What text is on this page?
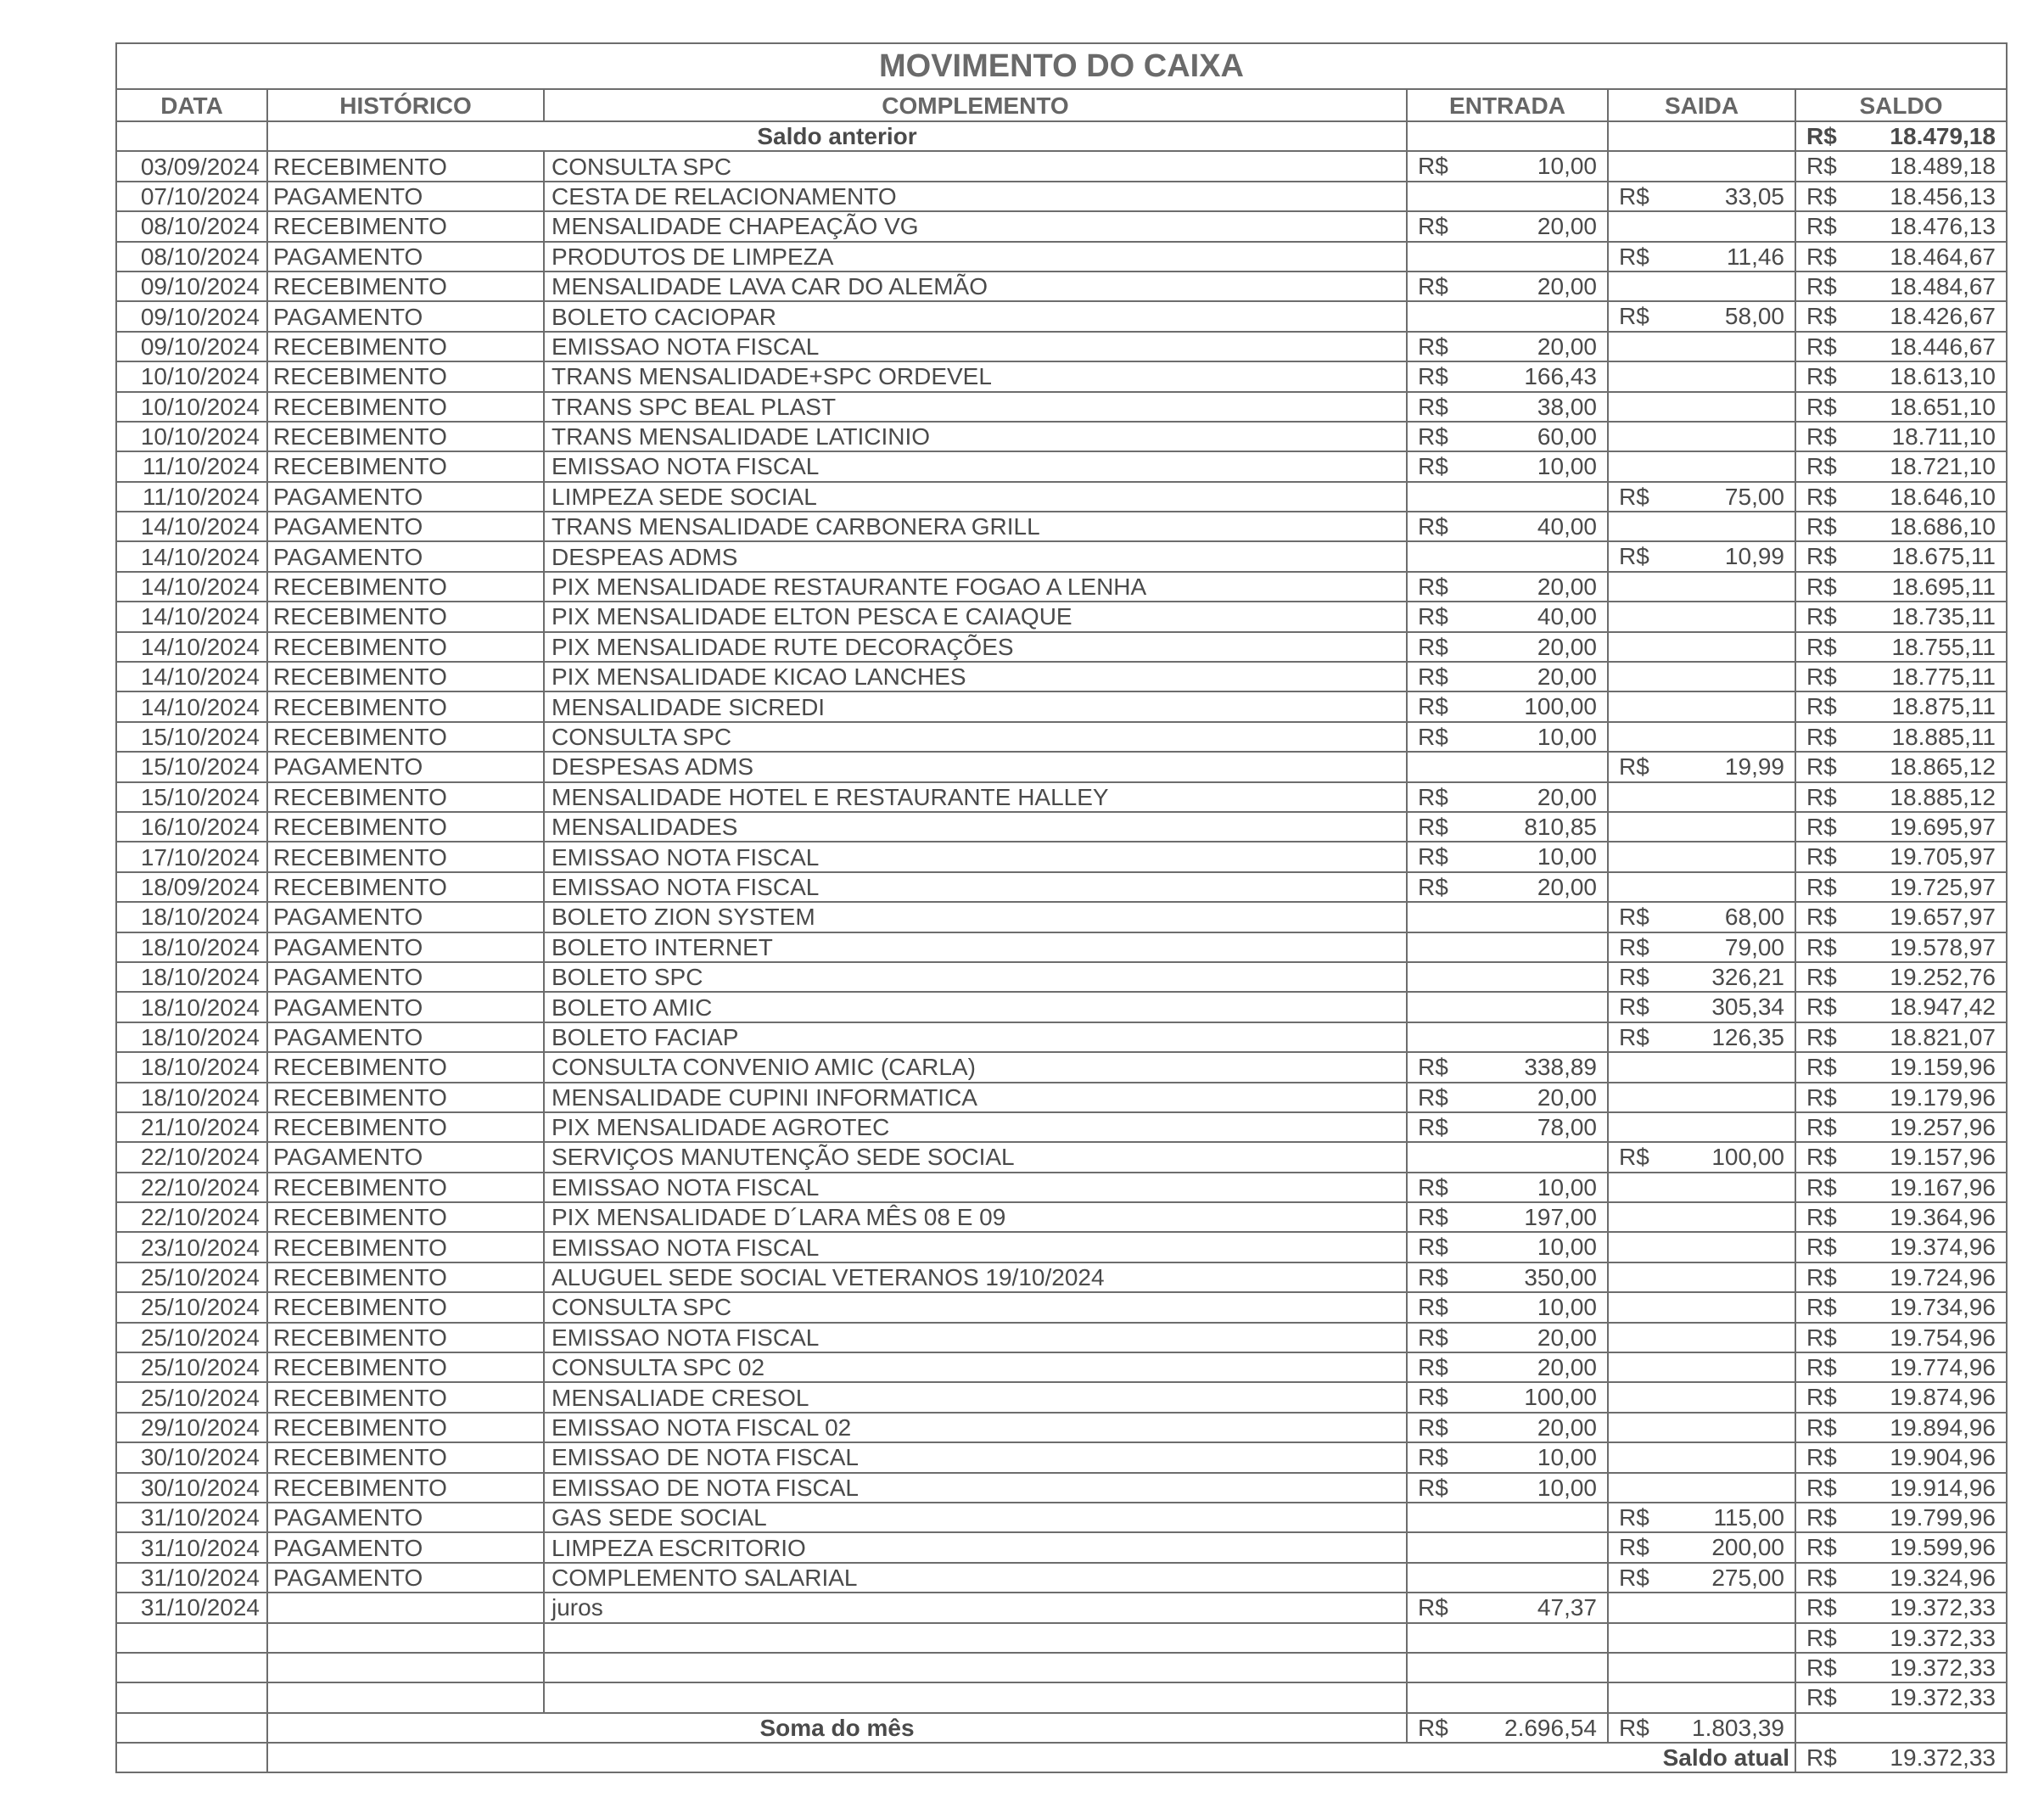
MOVIMENTO DO CAIXA					
DATA	HISTÓRICO	COMPLEMENTO	ENTRADA	SAIDA	SALDO
	Saldo anterior				R$ 18.479,18

03/09/2024	RECEBIMENTO	CONSULTA SPC	R$ 10,00		R$ 18.489,18

07/10/2024	PAGAMENTO	CESTA DE RELACIONAMENTO		R$ 33,05	R$ 18.456,13

08/10/2024	RECEBIMENTO	MENSALIDADE CHAPEAÇÃO VG	R$ 20,00		R$ 18.476,13

08/10/2024	PAGAMENTO	PRODUTOS DE LIMPEZA		R$ 11,46	R$ 18.464,67

09/10/2024	RECEBIMENTO	MENSALIDADE LAVA CAR DO ALEMÃO	R$ 20,00		R$ 18.484,67

09/10/2024	PAGAMENTO	BOLETO CACIOPAR		R$ 58,00	R$ 18.426,67

09/10/2024	RECEBIMENTO	EMISSAO NOTA FISCAL	R$ 20,00		R$ 18.446,67

10/10/2024	RECEBIMENTO	TRANS MENSALIDADE+SPC ORDEVEL	R$ 166,43		R$ 18.613,10

10/10/2024	RECEBIMENTO	TRANS SPC BEAL PLAST	R$ 38,00		R$ 18.651,10

10/10/2024	RECEBIMENTO	TRANS MENSALIDADE LATICINIO	R$ 60,00		R$ 18.711,10

11/10/2024	RECEBIMENTO	EMISSAO NOTA FISCAL	R$ 10,00		R$ 18.721,10

11/10/2024	PAGAMENTO	LIMPEZA SEDE SOCIAL		R$ 75,00	R$ 18.646,10

14/10/2024	PAGAMENTO	TRANS MENSALIDADE CARBONERA GRILL	R$ 40,00		R$ 18.686,10

14/10/2024	PAGAMENTO	DESPEAS ADMS		R$ 10,99	R$ 18.675,11

14/10/2024	RECEBIMENTO	PIX MENSALIDADE RESTAURANTE FOGAO A LENHA	R$ 20,00		R$ 18.695,11

14/10/2024	RECEBIMENTO	PIX MENSALIDADE ELTON PESCA E CAIAQUE	R$ 40,00		R$ 18.735,11

14/10/2024	RECEBIMENTO	PIX MENSALIDADE RUTE DECORAÇÕES	R$ 20,00		R$ 18.755,11

14/10/2024	RECEBIMENTO	PIX MENSALIDADE KICAO LANCHES	R$ 20,00		R$ 18.775,11

14/10/2024	RECEBIMENTO	MENSALIDADE SICREDI	R$ 100,00		R$ 18.875,11

15/10/2024	RECEBIMENTO	CONSULTA SPC	R$ 10,00		R$ 18.885,11

15/10/2024	PAGAMENTO	DESPESAS ADMS		R$ 19,99	R$ 18.865,12

15/10/2024	RECEBIMENTO	MENSALIDADE HOTEL E RESTAURANTE HALLEY	R$ 20,00		R$ 18.885,12

16/10/2024	RECEBIMENTO	MENSALIDADES	R$ 810,85		R$ 19.695,97

17/10/2024	RECEBIMENTO	EMISSAO NOTA FISCAL	R$ 10,00		R$ 19.705,97

18/09/2024	RECEBIMENTO	EMISSAO NOTA FISCAL	R$ 20,00		R$ 19.725,97

18/10/2024	PAGAMENTO	BOLETO ZION SYSTEM		R$ 68,00	R$ 19.657,97

18/10/2024	PAGAMENTO	BOLETO INTERNET		R$ 79,00	R$ 19.578,97

18/10/2024	PAGAMENTO	BOLETO SPC		R$ 326,21	R$ 19.252,76

18/10/2024	PAGAMENTO	BOLETO AMIC		R$ 305,34	R$ 18.947,42

18/10/2024	PAGAMENTO	BOLETO FACIAP		R$ 126,35	R$ 18.821,07

18/10/2024	RECEBIMENTO	CONSULTA CONVENIO AMIC (CARLA)	R$ 338,89		R$ 19.159,96

18/10/2024	RECEBIMENTO	MENSALIDADE CUPINI INFORMATICA	R$ 20,00		R$ 19.179,96

21/10/2024	RECEBIMENTO	PIX MENSALIDADE AGROTEC	R$ 78,00		R$ 19.257,96

22/10/2024	PAGAMENTO	SERVIÇOS MANUTENÇÃO SEDE SOCIAL		R$ 100,00	R$ 19.157,96

22/10/2024	RECEBIMENTO	EMISSAO NOTA FISCAL	R$ 10,00		R$ 19.167,96

22/10/2024	RECEBIMENTO	PIX MENSALIDADE D´LARA MÊS 08 E 09	R$ 197,00		R$ 19.364,96

23/10/2024	RECEBIMENTO	EMISSAO NOTA FISCAL	R$ 10,00		R$ 19.374,96

25/10/2024	RECEBIMENTO	ALUGUEL SEDE SOCIAL VETERANOS 19/10/2024	R$ 350,00		R$ 19.724,96

25/10/2024	RECEBIMENTO	CONSULTA SPC	R$ 10,00		R$ 19.734,96

25/10/2024	RECEBIMENTO	EMISSAO NOTA FISCAL	R$ 20,00		R$ 19.754,96

25/10/2024	RECEBIMENTO	CONSULTA SPC 02	R$ 20,00		R$ 19.774,96

25/10/2024	RECEBIMENTO	MENSALIADE CRESOL	R$ 100,00		R$ 19.874,96

29/10/2024	RECEBIMENTO	EMISSAO NOTA FISCAL 02	R$ 20,00		R$ 19.894,96

30/10/2024	RECEBIMENTO	EMISSAO DE NOTA FISCAL	R$ 10,00		R$ 19.904,96

30/10/2024	RECEBIMENTO	EMISSAO DE NOTA FISCAL	R$ 10,00		R$ 19.914,96

31/10/2024	PAGAMENTO	GAS SEDE SOCIAL		R$ 115,00	R$ 19.799,96

31/10/2024	PAGAMENTO	LIMPEZA ESCRITORIO		R$ 200,00	R$ 19.599,96

31/10/2024	PAGAMENTO	COMPLEMENTO SALARIAL		R$ 275,00	R$ 19.324,96

31/10/2024		juros	R$ 47,37		R$ 19.372,33

					R$ 19.372,33

					R$ 19.372,33

					R$ 19.372,33

	Soma do mês		R$ 2.696,54	R$ 1.803,39	

	Saldo atual				R$ 19.372,33
